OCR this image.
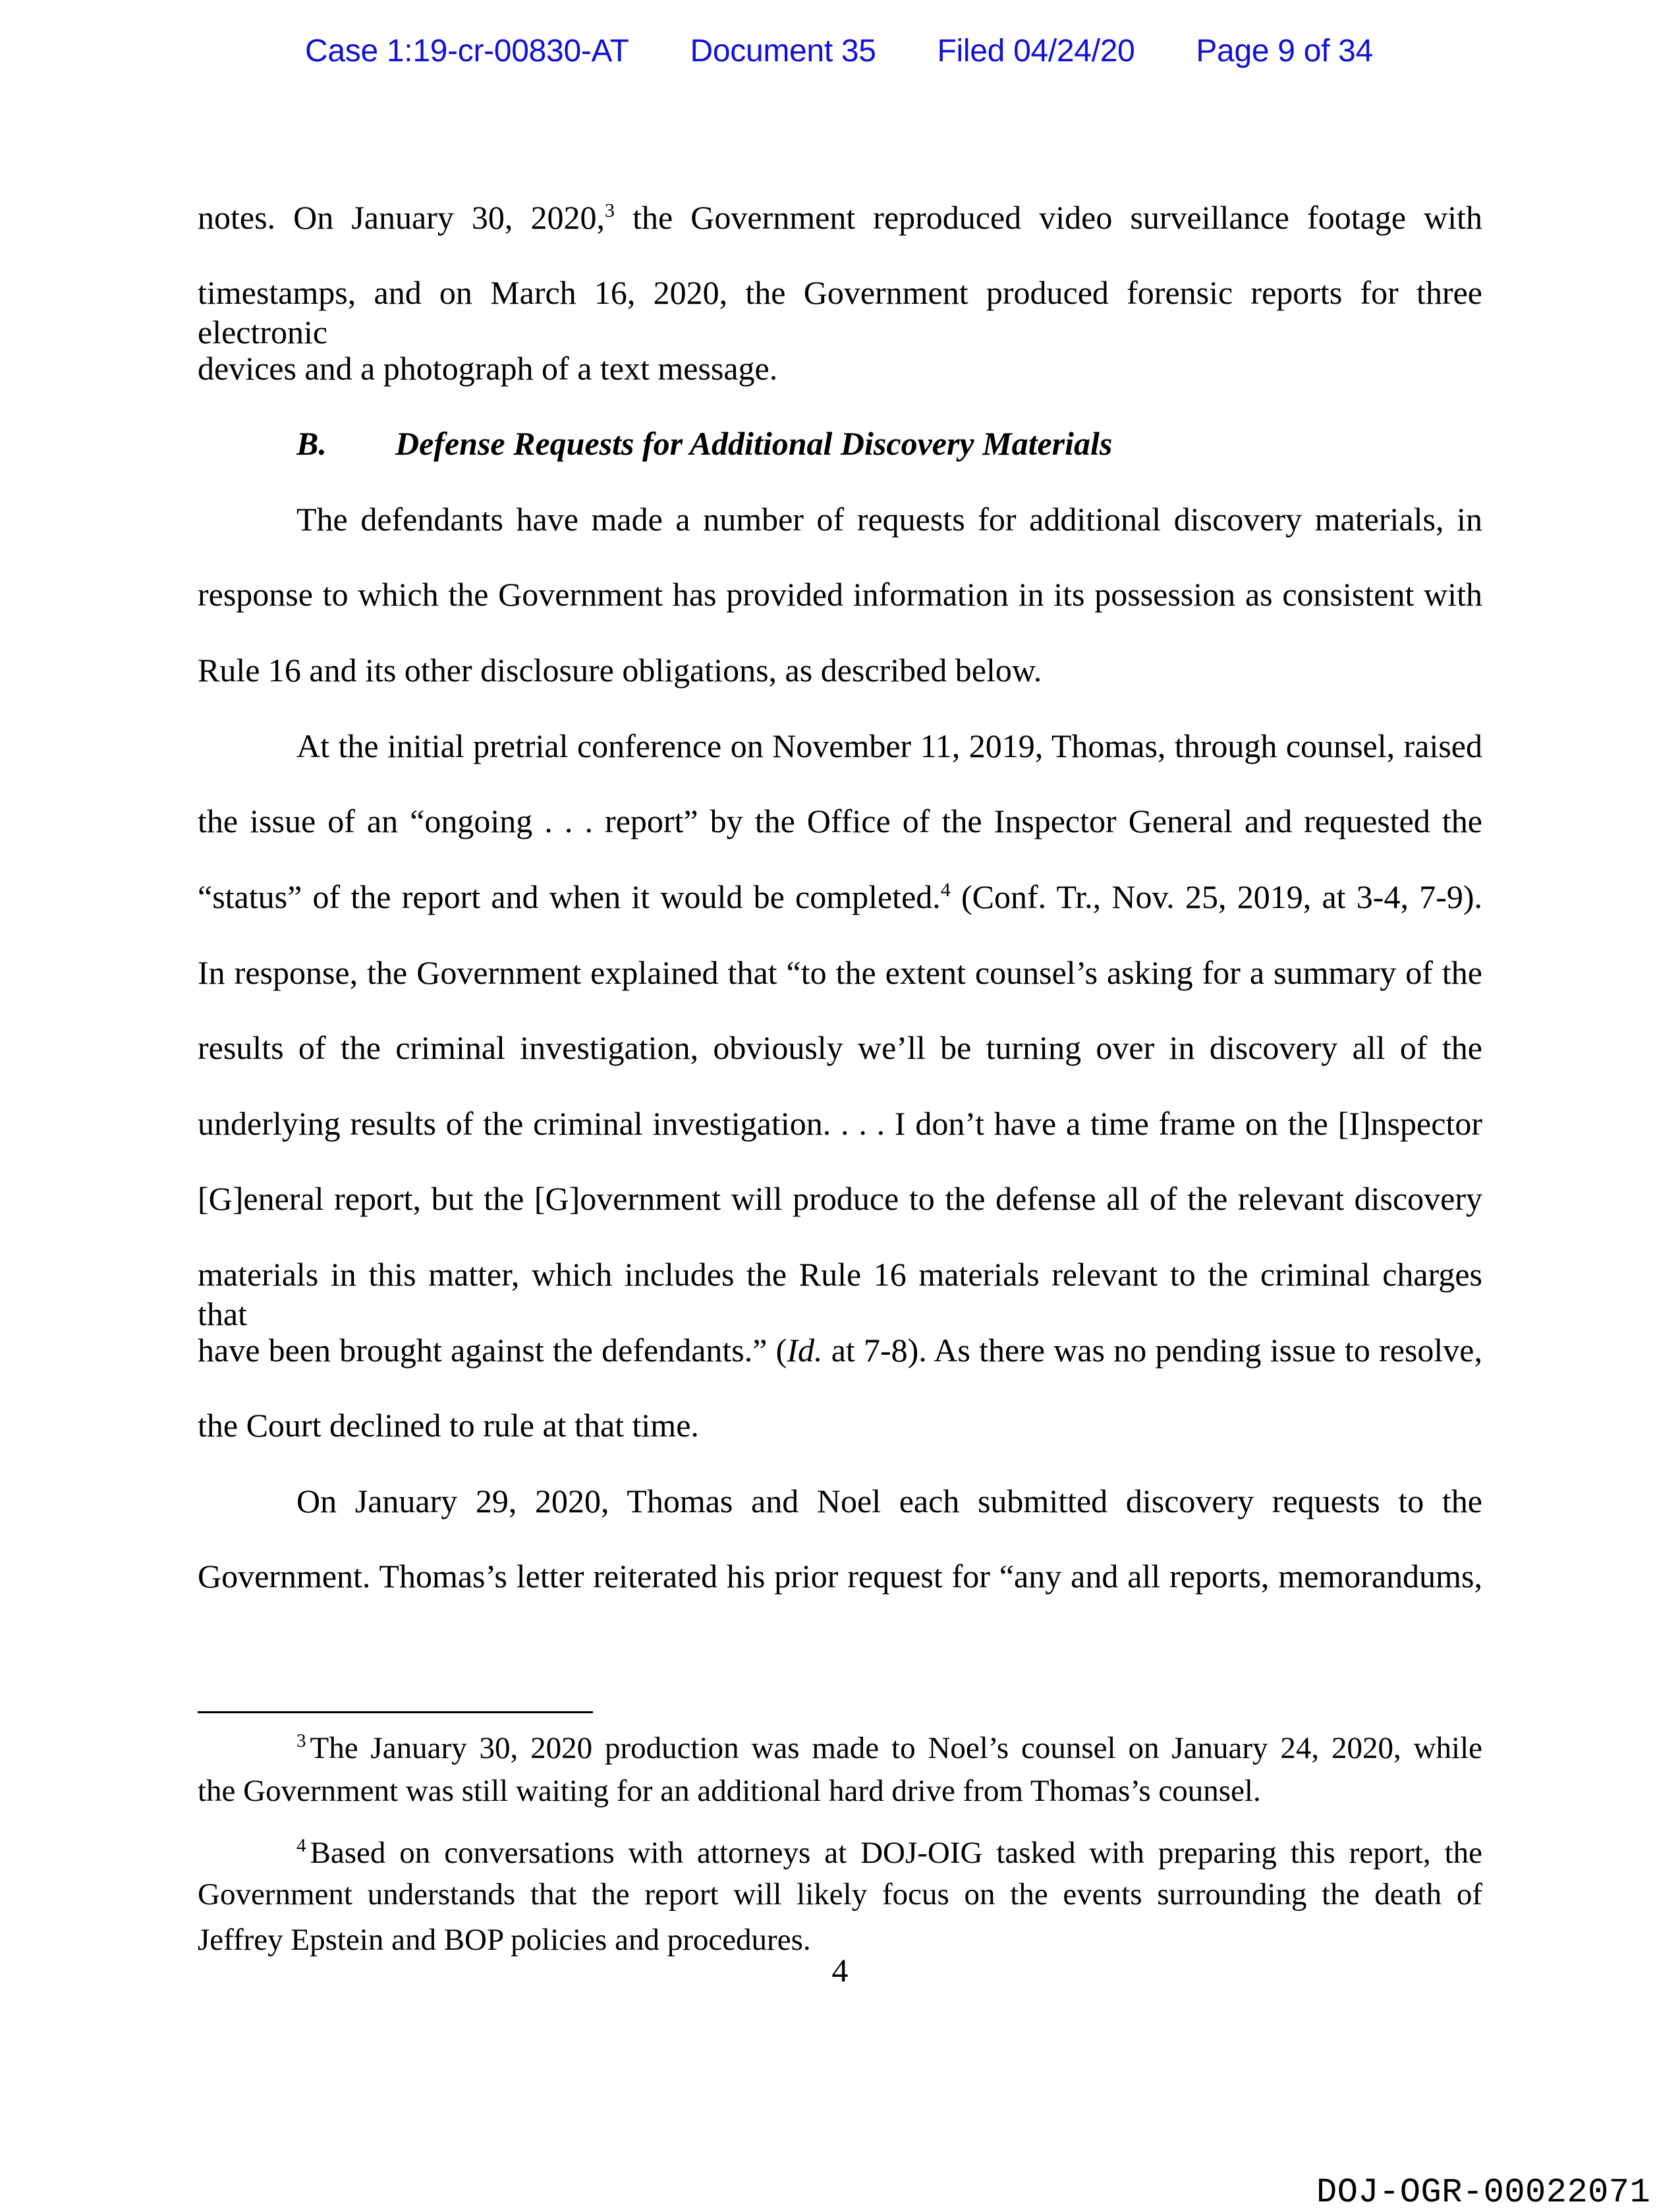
Case 1:19-cr-00830-AT Document 35 Filed 04/24/20 Page 9 of 34
notes. On January 30, 2020,$^3$ the Government reproduced video surveillance footage with
timestamps, and on March 16, 2020, the Government produced forensic reports for three electronic
devices and a photograph of a text message.
B. Defense Requests for Additional Discovery Materials
The defendants have made a number of requests for additional discovery materials, in
response to which the Government has provided information in its possession as consistent with
Rule 16 and its other disclosure obligations, as described below.
At the initial pretrial conference on November 11, 2019, Thomas, through counsel, raised
the issue of an “ongoing . . . report” by the Office of the Inspector General and requested the
“status” of the report and when it would be completed.$^4$ (Conf. Tr., Nov. 25, 2019, at 3-4, 7-9).
In response, the Government explained that “to the extent counsel’s asking for a summary of the
results of the criminal investigation, obviously we’ll be turning over in discovery all of the
underlying results of the criminal investigation. . . . I don’t have a time frame on the [I]nspector
[G]eneral report, but the [G]overnment will produce to the defense all of the relevant discovery
materials in this matter, which includes the Rule 16 materials relevant to the criminal charges that
have been brought against the defendants.” (Id. at 7-8). As there was no pending issue to resolve,
the Court declined to rule at that time.
On January 29, 2020, Thomas and Noel each submitted discovery requests to the
Government. Thomas’s letter reiterated his prior request for “any and all reports, memorandums,
$^3$ The January 30, 2020 production was made to Noel’s counsel on January 24, 2020, while
the Government was still waiting for an additional hard drive from Thomas’s counsel.
$^4$ Based on conversations with attorneys at DOJ-OIG tasked with preparing this report, the
Government understands that the report will likely focus on the events surrounding the death of
Jeffrey Epstein and BOP policies and procedures.
4
DOJ-OGR-00022071
